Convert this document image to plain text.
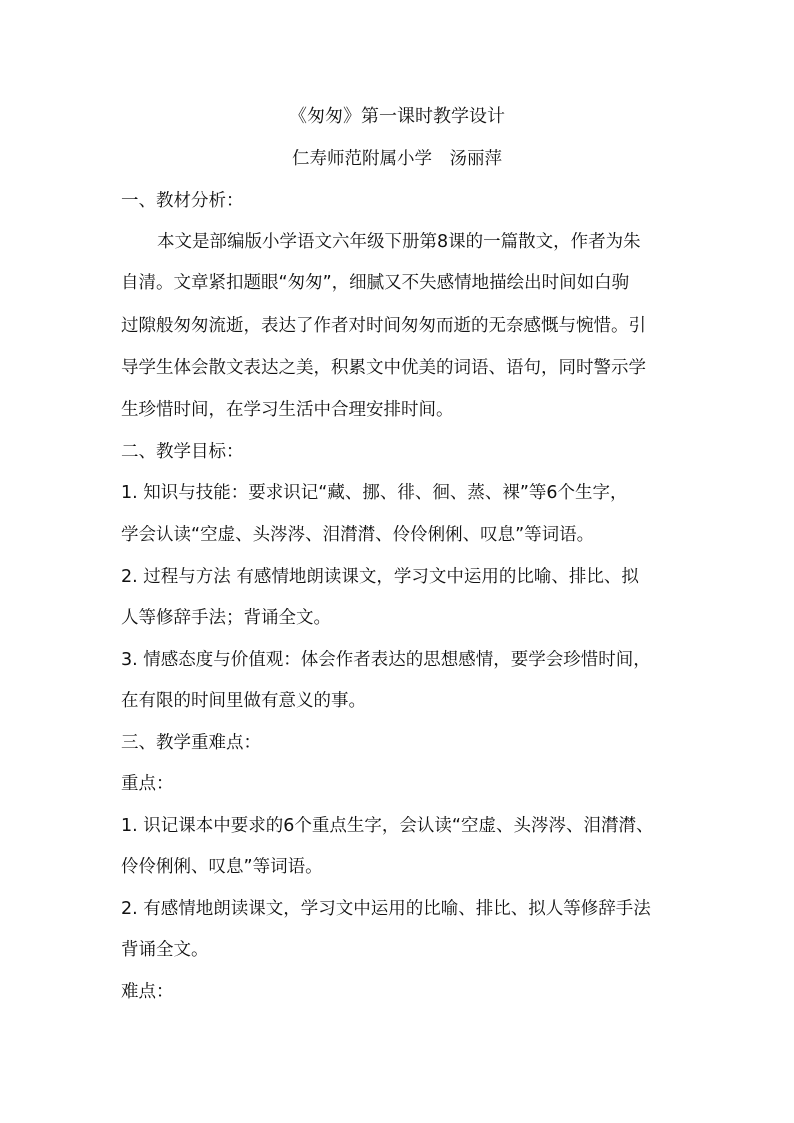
《匆匆》第一课时教学设计
仁寿师范附属小学　汤丽萍
一、教材分析：
本文是部编版小学语文六年级下册第8课的一篇散文，作者为朱
自清。文章紧扣题眼“匆匆”，细腻又不失感情地描绘出时间如白驹
过隙般匆匆流逝，表达了作者对时间匆匆而逝的无奈感慨与惋惜。引
导学生体会散文表达之美，积累文中优美的词语、语句，同时警示学
生珍惜时间，在学习生活中合理安排时间。
二、教学目标：
1. 知识与技能：要求识记“藏、挪、徘、徊、蒸、裸”等6个生字，
学会认读“空虚、头涔涔、泪潸潸、伶伶俐俐、叹息”等词语。
2. 过程与方法 有感情地朗读课文，学习文中运用的比喻、排比、拟
人等修辞手法；背诵全文。
3. 情感态度与价值观：体会作者表达的思想感情，要学会珍惜时间，
在有限的时间里做有意义的事。
三、教学重难点：
重点：
1. 识记课本中要求的6个重点生字，会认读“空虚、头涔涔、泪潸潸、
伶伶俐俐、叹息”等词语。
2. 有感情地朗读课文，学习文中运用的比喻、排比、拟人等修辞手法
背诵全文。
难点：
